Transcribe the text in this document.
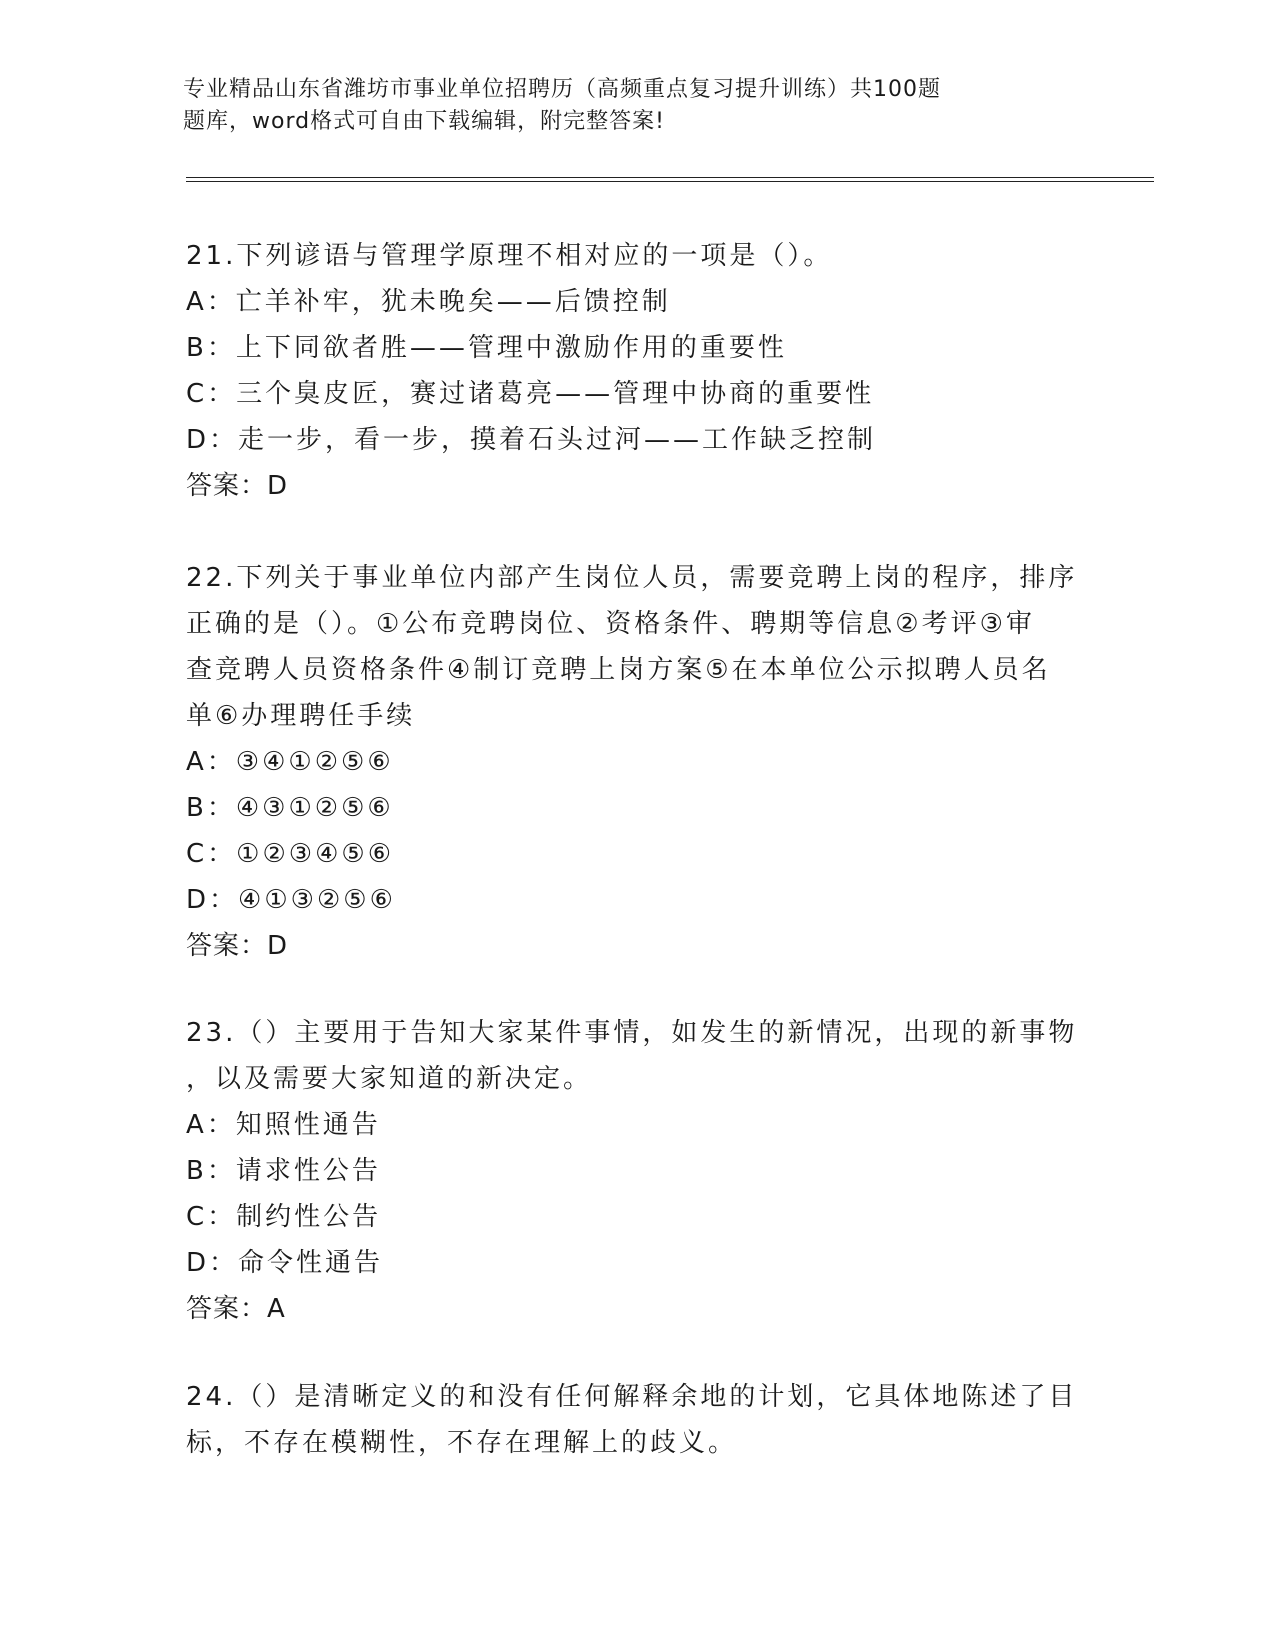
专业精品山东省潍坊市事业单位招聘历（高频重点复习提升训练）共100题
题库，word格式可自由下载编辑，附完整答案!
21.下列谚语与管理学原理不相对应的一项是（）。
A：亡羊补牢，犹未晚矣——后馈控制
B：上下同欲者胜——管理中激励作用的重要性
C：三个臭皮匠，赛过诸葛亮——管理中协商的重要性
D：走一步，看一步，摸着石头过河——工作缺乏控制
答案：D
22.下列关于事业单位内部产生岗位人员，需要竞聘上岗的程序，排序
正确的是（）。①公布竞聘岗位、资格条件、聘期等信息②考评③审
查竞聘人员资格条件④制订竞聘上岗方案⑤在本单位公示拟聘人员名
单⑥办理聘任手续
A：③④①②⑤⑥
B：④③①②⑤⑥
C：①②③④⑤⑥
D：④①③②⑤⑥
答案：D
23.（）主要用于告知大家某件事情，如发生的新情况，出现的新事物
，以及需要大家知道的新决定。
A：知照性通告
B：请求性公告
C：制约性公告
D：命令性通告
答案：A
24.（）是清晰定义的和没有任何解释余地的计划，它具体地陈述了目
标，不存在模糊性，不存在理解上的歧义。
